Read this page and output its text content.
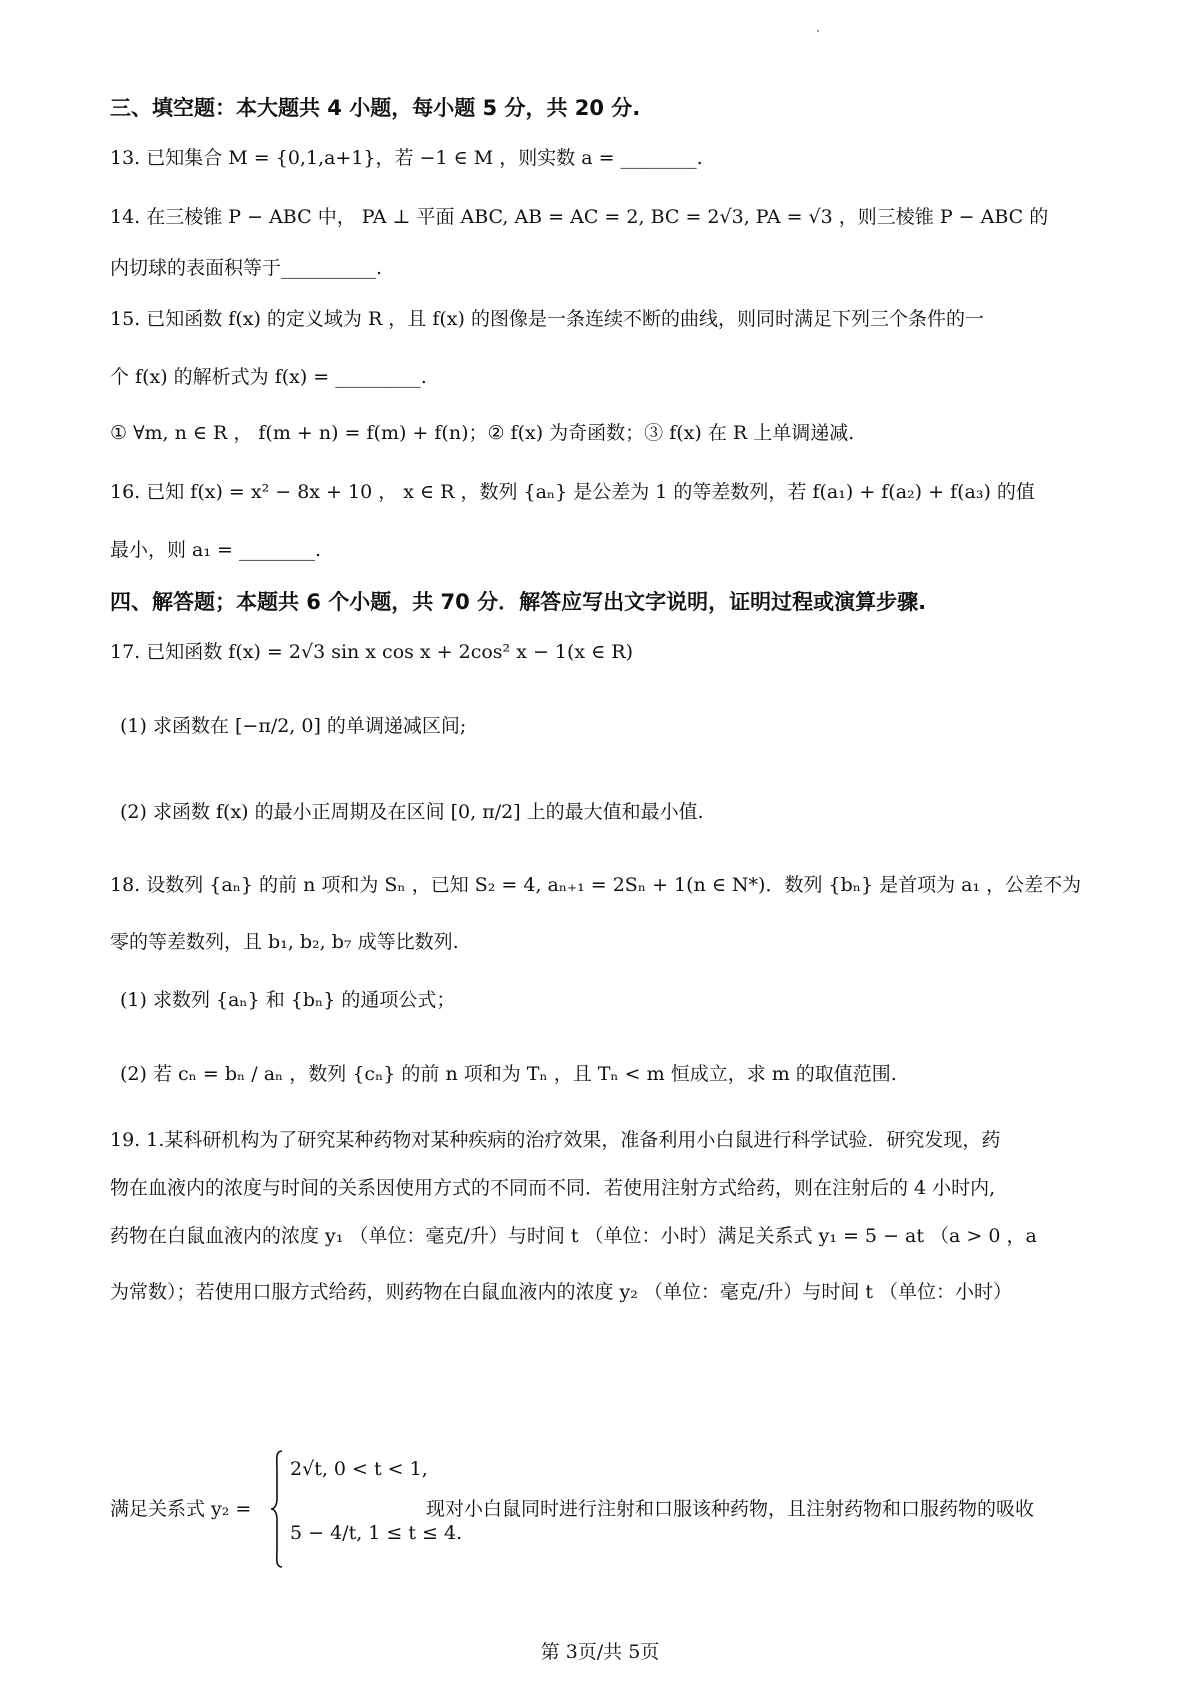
三、填空题：本大题共 4 小题，每小题 5 分，共 20 分.
13. 已知集合 M = {0,1,a+1}，若 −1 ∈ M ，则实数 a = ________.
14. 在三棱锥 P − ABC 中， PA ⊥ 平面 ABC, AB = AC = 2, BC = 2√3, PA = √3 ，则三棱锥 P − ABC 的
内切球的表面积等于__________.
15. 已知函数 f(x) 的定义域为 R ，且 f(x) 的图像是一条连续不断的曲线，则同时满足下列三个条件的一
个 f(x) 的解析式为 f(x) = _________.
① ∀m, n ∈ R ， f(m + n) = f(m) + f(n)；② f(x) 为奇函数；③ f(x) 在 R 上单调递减.
16. 已知 f(x) = x² − 8x + 10 ， x ∈ R ，数列 {aₙ} 是公差为 1 的等差数列，若 f(a₁) + f(a₂) + f(a₃) 的值
最小，则 a₁ = ________.
四、解答题；本题共 6 个小题，共 70 分．解答应写出文字说明，证明过程或演算步骤.
17. 已知函数 f(x) = 2√3 sin x cos x + 2cos² x − 1(x ∈ R)
(1) 求函数在 [−π/2, 0] 的单调递减区间;
(2) 求函数 f(x) 的最小正周期及在区间 [0, π/2] 上的最大值和最小值.
18. 设数列 {aₙ} 的前 n 项和为 Sₙ ，已知 S₂ = 4, aₙ₊₁ = 2Sₙ + 1(n ∈ N*)．数列 {bₙ} 是首项为 a₁ ，公差不为
零的等差数列，且 b₁, b₂, b₇ 成等比数列.
(1) 求数列 {aₙ} 和 {bₙ} 的通项公式；
(2) 若 cₙ = bₙ / aₙ ，数列 {cₙ} 的前 n 项和为 Tₙ ，且 Tₙ < m 恒成立，求 m 的取值范围.
19. 1.某科研机构为了研究某种药物对某种疾病的治疗效果，准备利用小白鼠进行科学试验．研究发现，药
物在血液内的浓度与时间的关系因使用方式的不同而不同．若使用注射方式给药，则在注射后的 4 小时内,
药物在白鼠血液内的浓度 y₁ （单位：毫克/升）与时间 t （单位：小时）满足关系式 y₁ = 5 − at （a > 0 ，a
为常数）；若使用口服方式给药，则药物在白鼠血液内的浓度 y₂ （单位：毫克/升）与时间 t （单位：小时）
满足关系式 y₂ =
2√t, 0 < t < 1,
5 − 4/t, 1 ≤ t ≤ 4.
现对小白鼠同时进行注射和口服该种药物，且注射药物和口服药物的吸收
第 3页/共 5页
